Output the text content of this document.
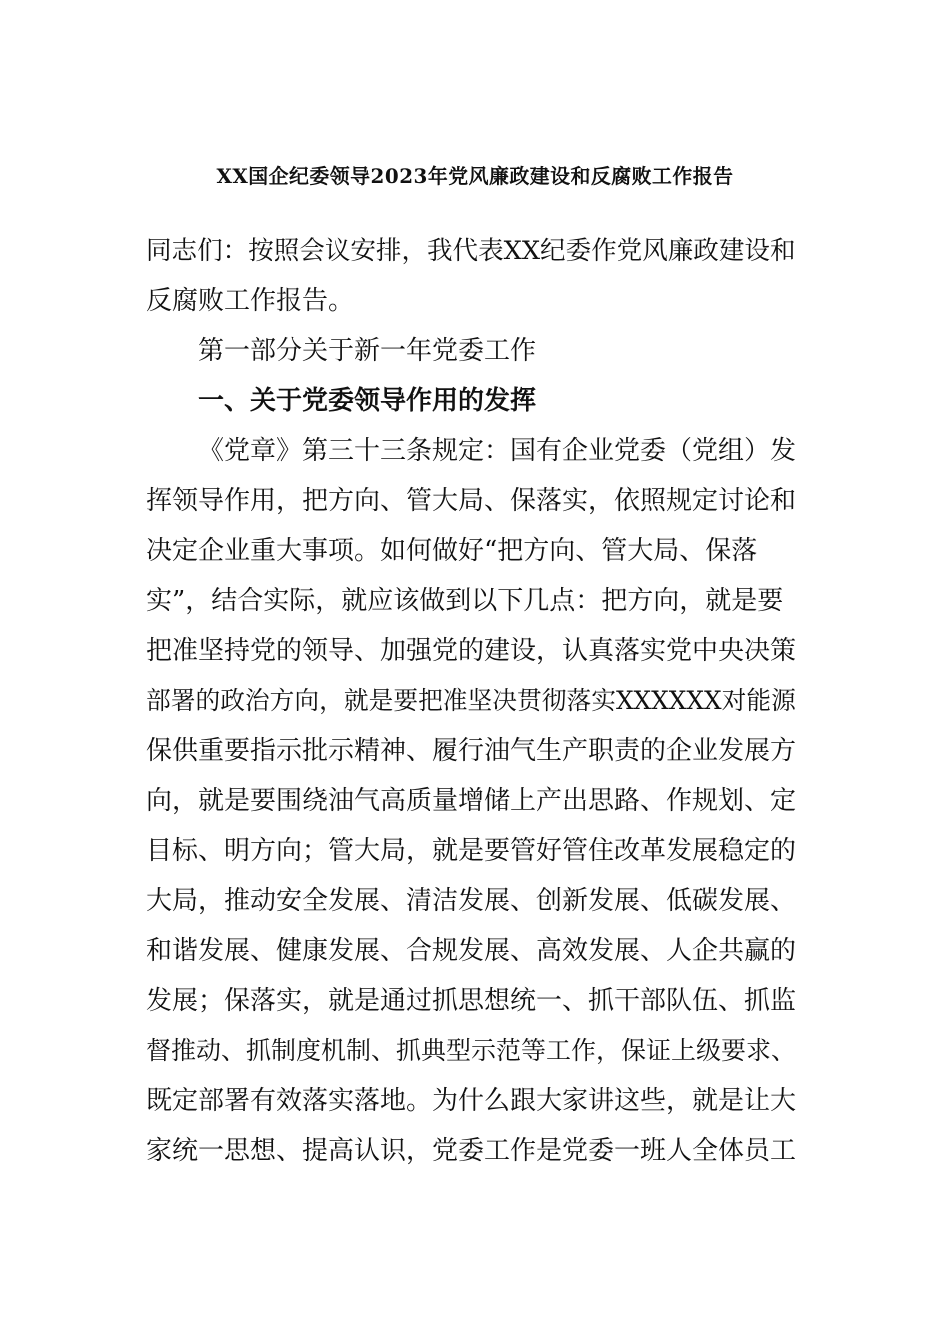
XX国企纪委领导2023年党风廉政建设和反腐败工作报告
同志们：按照会议安排，我代表XX纪委作党风廉政建设和
反腐败工作报告。
第一部分关于新一年党委工作
一、关于党委领导作用的发挥
《党章》第三十三条规定：国有企业党委（党组）发
挥领导作用，把方向、管大局、保落实，依照规定讨论和
决定企业重大事项。如何做好“把方向、管大局、保落
实”，结合实际，就应该做到以下几点：把方向，就是要
把准坚持党的领导、加强党的建设，认真落实党中央决策
部署的政治方向，就是要把准坚决贯彻落实XXXXXX对能源
保供重要指示批示精神、履行油气生产职责的企业发展方
向，就是要围绕油气高质量增储上产出思路、作规划、定
目标、明方向；管大局，就是要管好管住改革发展稳定的
大局，推动安全发展、清洁发展、创新发展、低碳发展、
和谐发展、健康发展、合规发展、高效发展、人企共赢的
发展；保落实，就是通过抓思想统一、抓干部队伍、抓监
督推动、抓制度机制、抓典型示范等工作，保证上级要求、
既定部署有效落实落地。为什么跟大家讲这些，就是让大
家统一思想、提高认识，党委工作是党委一班人全体员工
